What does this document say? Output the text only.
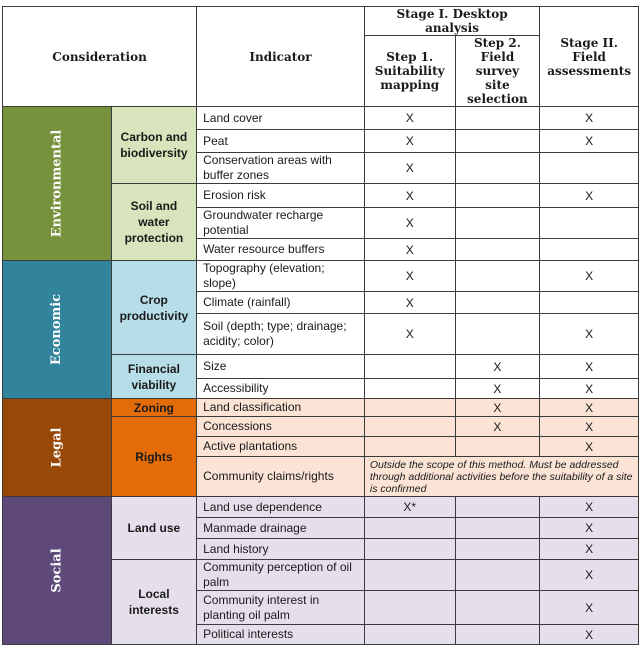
Consideration		Indicator	Stage I. Desktop analysis		Stage II. Field assessments
			Step 1. Suitability mapping	Step 2. Field survey site selection	
Environmental	Carbon and biodiversity	Land cover	X		X
		Peat	X		X
		Conservation areas with buffer zones	X		
	Soil and water protection	Erosion risk	X		X
		Groundwater recharge potential	X		
		Water resource buffers	X		
Economic	Crop productivity	Topography (elevation; slope)	X		X
		Climate (rainfall)	X		
		Soil (depth; type; drainage; acidity; color)	X		X
	Financial viability	Size		X	X
		Accessibility		X	X
Legal	Zoning	Land classification		X	X
	Rights	Concessions		X	X
		Active plantations			X
		Community claims/rights	Outside the scope of this method. Must be addressed through additional activities before the suitability of a site is confirmed		
Social	Land use	Land use dependence	X*		X
		Manmade drainage			X
		Land history			X
	Local interests	Community perception of oil palm			X
		Community interest in planting oil palm			X
		Political interests			X
